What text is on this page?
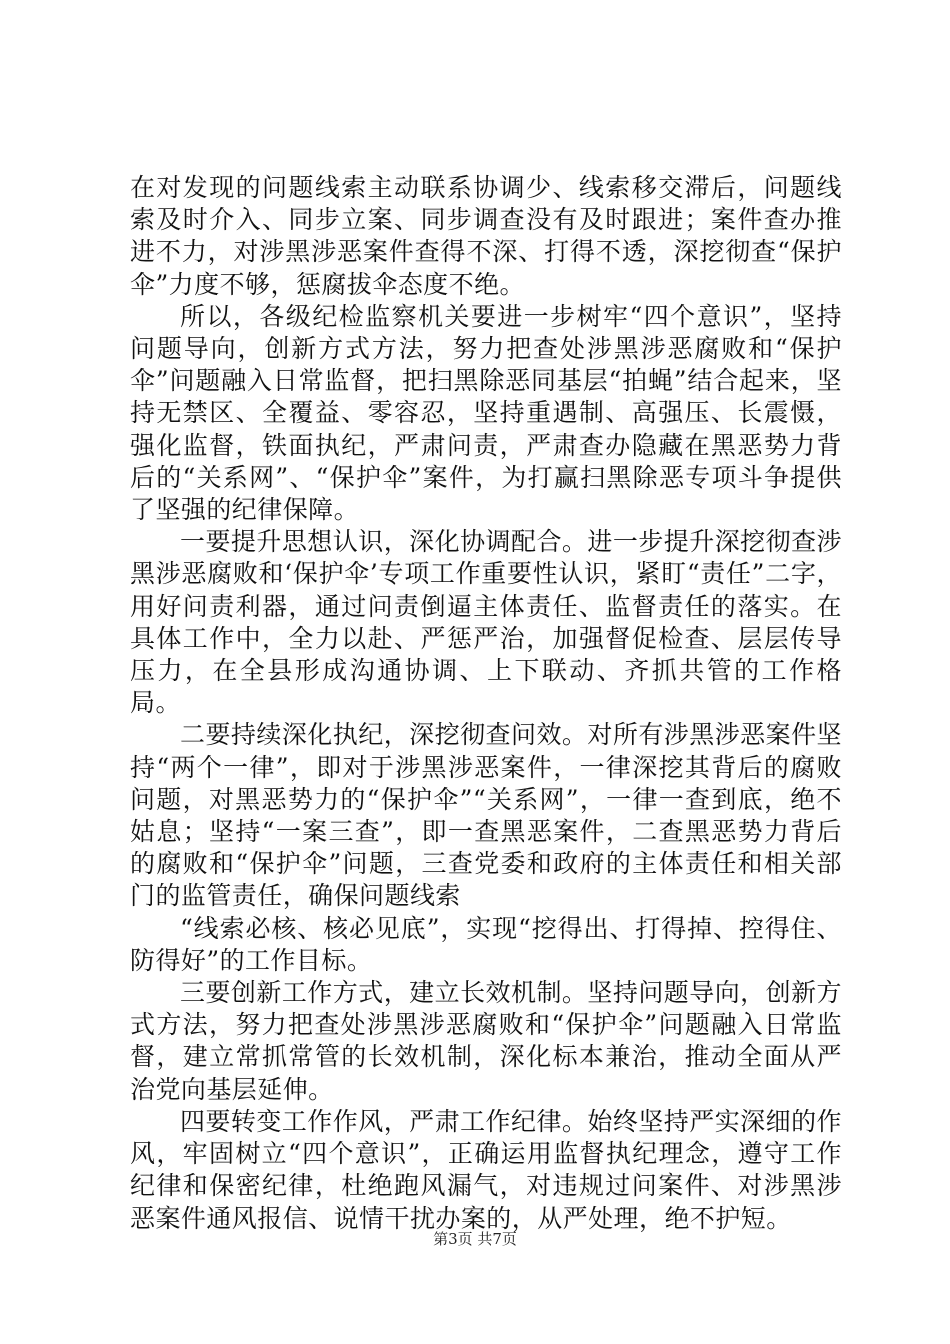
在对发现的问题线索主动联系协调少、线索移交滞后，问题线索及时介入、同步立案、同步调查没有及时跟进；案件查办推进不力，对涉黑涉恶案件查得不深、打得不透，深挖彻查“保护伞”力度不够，惩腐拔伞态度不绝。

所以，各级纪检监察机关要进一步树牢“四个意识”，坚持问题导向，创新方式方法，努力把查处涉黑涉恶腐败和“保护伞”问题融入日常监督，把扫黑除恶同基层“拍蝇”结合起来，坚持无禁区、全覆益、零容忍，坚持重遇制、高强压、长震慑，强化监督，铁面执纪，严肃问责，严肃查办隐藏在黑恶势力背后的“关系网”、“保护伞”案件，为打赢扫黑除恶专项斗争提供了坚强的纪律保障。

一要提升思想认识，深化协调配合。进一步提升深挖彻查涉黑涉恶腐败和‘保护伞’专项工作重要性认识，紧盯“责任”二字，用好问责利器，通过问责倒逼主体责任、监督责任的落实。在具体工作中，全力以赴、严惩严治，加强督促检查、层层传导压力，在全县形成沟通协调、上下联动、齐抓共管的工作格局。

二要持续深化执纪，深挖彻查问效。对所有涉黑涉恶案件坚持“两个一律”，即对于涉黑涉恶案件，一律深挖其背后的腐败问题，对黑恶势力的“保护伞”“关系网”，一律一查到底，绝不姑息；坚持“一案三查”，即一查黑恶案件，二查黑恶势力背后的腐败和“保护伞”问题，三查党委和政府的主体责任和相关部门的监管责任，确保问题线索

“线索必核、核必见底”，实现“挖得出、打得掉、控得住、防得好”的工作目标。

三要创新工作方式，建立长效机制。坚持问题导向，创新方式方法，努力把查处涉黑涉恶腐败和“保护伞”问题融入日常监督，建立常抓常管的长效机制，深化标本兼治，推动全面从严治党向基层延伸。

四要转变工作作风，严肃工作纪律。始终坚持严实深细的作风，牢固树立“四个意识”，正确运用监督执纪理念，遵守工作纪律和保密纪律，杜绝跑风漏气，对违规过问案件、对涉黑涉恶案件通风报信、说情干扰办案的，从严处理，绝不护短。

第3页 共7页
